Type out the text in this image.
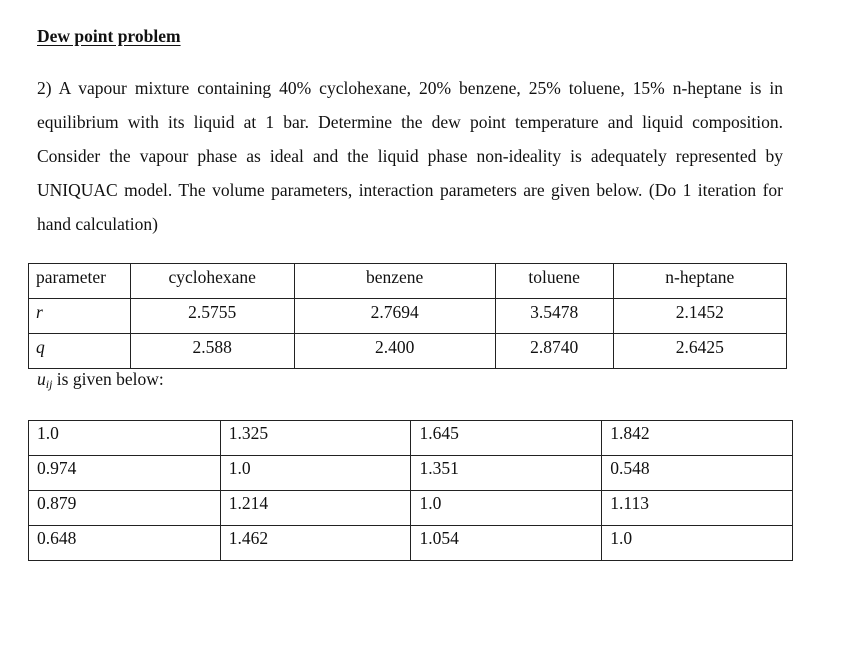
Dew point problem

2) A vapour mixture containing 40% cyclohexane, 20% benzene, 25% toluene, 15% n-heptane is in equilibrium with its liquid at 1 bar. Determine the dew point temperature and liquid composition. Consider the vapour phase as ideal and the liquid phase non-ideality is adequately represented by UNIQUAC model. The volume parameters, interaction parameters are given below. (Do 1 iteration for hand calculation)

parameter	cyclohexane	benzene	toluene	n-heptane
r	2.5755	2.7694	3.5478	2.1452
q	2.588	2.400	2.8740	2.6425
$u_{ij}$ is given below:
1.0	1.325	1.645	1.842
0.974	1.0	1.351	0.548
0.879	1.214	1.0	1.113
0.648	1.462	1.054	1.0
